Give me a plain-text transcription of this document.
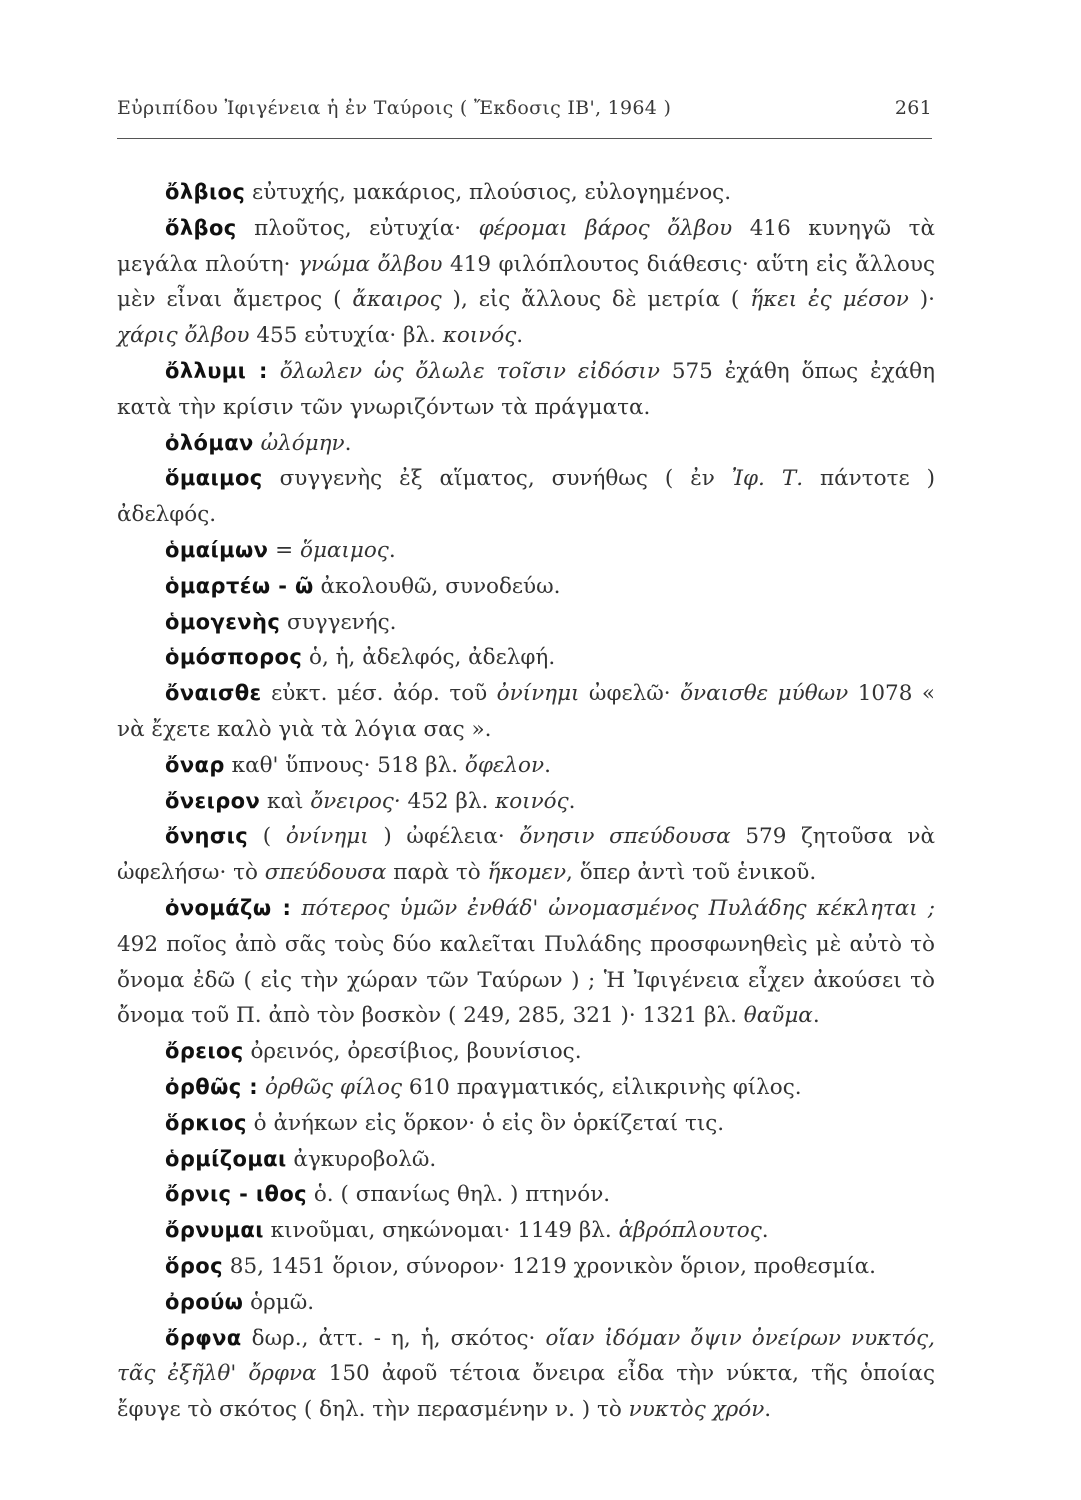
Εὐριπίδου Ἰφιγένεια ἡ ἐν Ταύροις ( Ἔκδοσις ΙΒ', 1964 )	261

ὄλβιος εὐτυχής, μακάριος, πλούσιος, εὐλογημένος.

ὄλβος πλοῦτος, εὐτυχία· φέρομαι βάρος ὄλβου 416 κυνηγῶ τὰ μεγάλα πλούτη· γνώμα ὄλβου 419 φιλόπλουτος διάθεσις· αὕτη εἰς ἄλλους μὲν εἶναι ἄμετρος ( ἄκαιρος ), εἰς ἄλλους δὲ μετρία ( ἥκει ἐς μέσον )· χάρις ὄλβου 455 εὐτυχία· βλ. κοινός.

ὄλλυμι : ὄλωλεν ὡς ὄλωλε τοῖσιν εἰδόσιν 575 ἐχάθη ὅπως ἐχάθη κατὰ τὴν κρίσιν τῶν γνωριζόντων τὰ πράγματα.

ὀλόμαν ὠλόμην.

ὅμαιμος συγγενὴς ἐξ αἵματος, συνήθως ( ἐν Ἰφ. Τ. πάντοτε ) ἀδελφός.

ὁμαίμων = ὅμαιμος.

ὁμαρτέω - ῶ ἀκολουθῶ, συνοδεύω.

ὁμογενὴς συγγενής.

ὁμόσπορος ὁ, ἡ, ἀδελφός, ἀδελφή.

ὄναισθε εὐκτ. μέσ. ἀόρ. τοῦ ὀνίνημι ὠφελῶ· ὄναισθε μύθων 1078 « νὰ ἔχετε καλὸ γιὰ τὰ λόγια σας ».

ὄναρ καθ' ὕπνους· 518 βλ. ὄφελον.

ὄνειρον καὶ ὄνειρος· 452 βλ. κοινός.

ὄνησις ( ὀνίνημι ) ὠφέλεια· ὄνησιν σπεύδουσα 579 ζητοῦσα νὰ ὠφελήσω· τὸ σπεύδουσα παρὰ τὸ ἥκομεν, ὅπερ ἀντὶ τοῦ ἑνικοῦ.

ὀνομάζω : πότερος ὑμῶν ἐνθάδ' ὠνομασμένος Πυλάδης κέκληται ; 492 ποῖος ἀπὸ σᾶς τοὺς δύο καλεῖται Πυλάδης προσφωνηθεὶς μὲ αὐτὸ τὸ ὄνομα ἐδῶ ( εἰς τὴν χώραν τῶν Ταύρων ) ; Ἡ Ἰφιγένεια εἶχεν ἀκούσει τὸ ὄνομα τοῦ Π. ἀπὸ τὸν βοσκὸν ( 249, 285, 321 )· 1321 βλ. θαῦμα.

ὄρειος ὀρεινός, ὀρεσίβιος, βουνίσιος.

ὀρθῶς : ὀρθῶς φίλος 610 πραγματικός, εἰλικρινὴς φίλος.

ὅρκιος ὁ ἀνήκων εἰς ὅρκον· ὁ εἰς ὃν ὁρκίζεταί τις.

ὁρμίζομαι ἀγκυροβολῶ.

ὄρνις - ιθος ὁ. ( σπανίως θηλ. ) πτηνόν.

ὄρνυμαι κινοῦμαι, σηκώνομαι· 1149 βλ. ἁβρόπλουτος.

ὅρος 85, 1451 ὅριον, σύνορον· 1219 χρονικὸν ὅριον, προθεσμία.

ὀρούω ὁρμῶ.

ὄρφνα δωρ., ἀττ. - η, ἡ, σκότος· οἵαν ἰδόμαν ὄψιν ὀνείρων νυκτός, τᾶς ἐξῆλθ' ὄρφνα 150 ἀφοῦ τέτοια ὄνειρα εἶδα τὴν νύκτα, τῆς ὁποίας ἔφυγε τὸ σκότος ( δηλ. τὴν περασμένην ν. ) τὸ νυκτὸς χρόν.
